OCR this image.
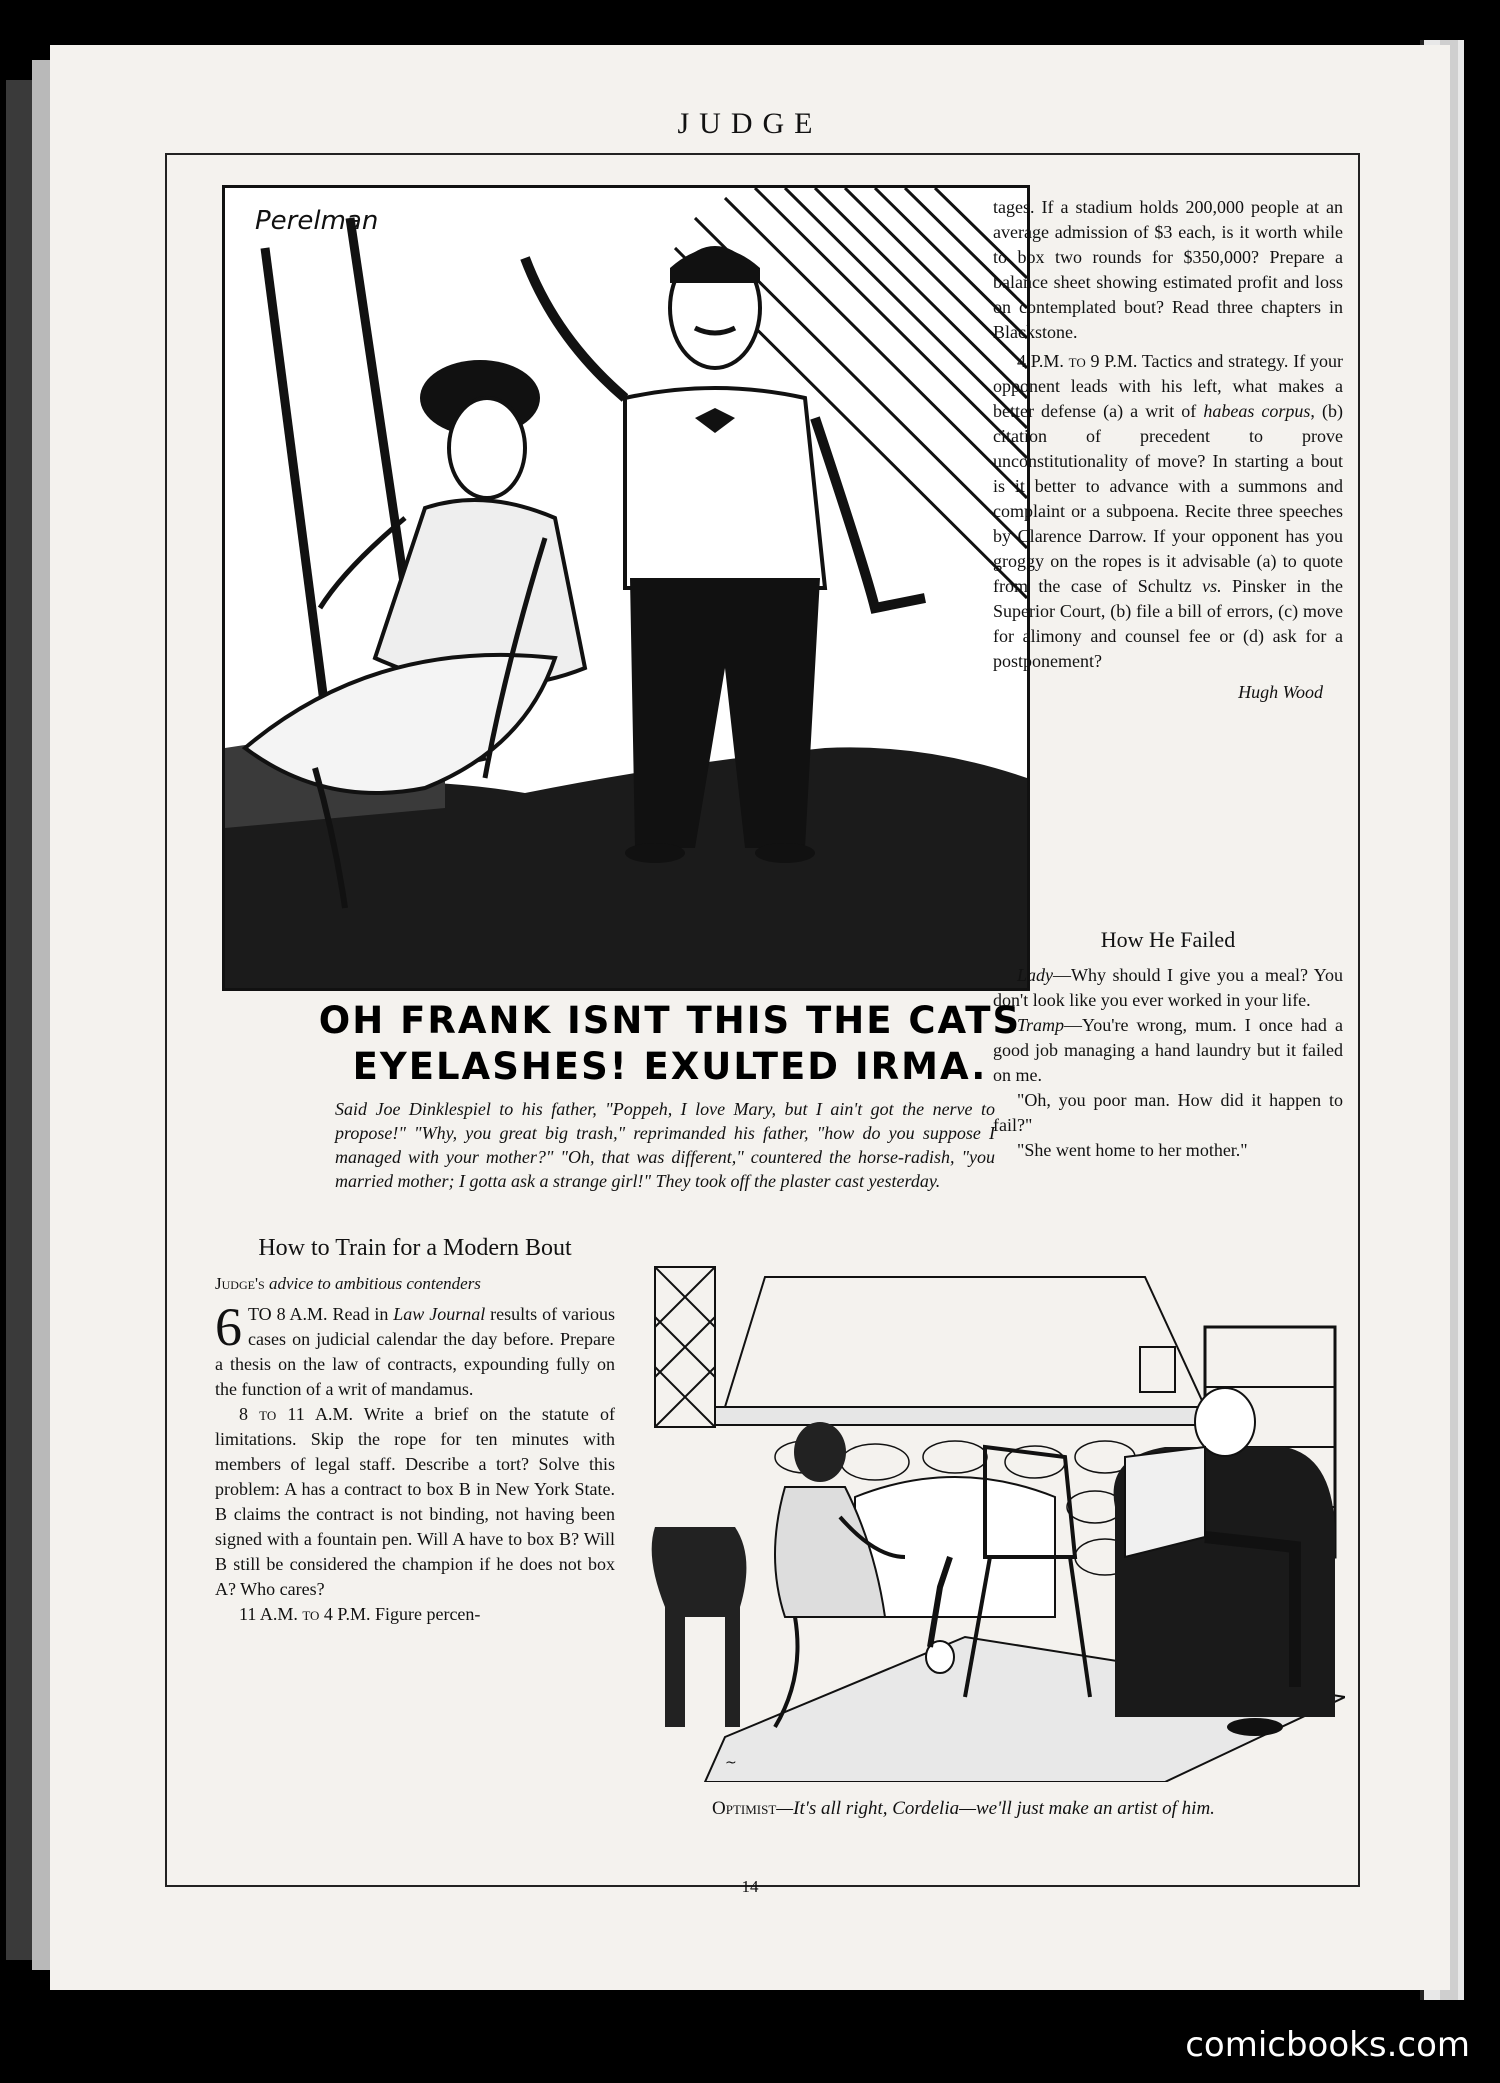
JUDGE
Perelman
OH FRANK ISNT THIS THE CATS
EYELASHES! EXULTED IRMA.
Said Joe Dinklespiel to his father, "Poppeh, I love Mary, but I ain't got the nerve to propose!" "Why, you great big trash," reprimanded his father, "how do you suppose I managed with your mother?" "Oh, that was different," countered the horse-radish, "you married mother; I gotta ask a strange girl!" They took off the plaster cast yesterday.

tages. If a stadium holds 200,000 people at an average admission of $3 each, is it worth while to box two rounds for $350,000? Prepare a balance sheet showing estimated profit and loss on contemplated bout? Read three chapters in Blackstone.

4 P.M. to 9 P.M. Tactics and strategy. If your opponent leads with his left, what makes a better defense (a) a writ of habeas corpus, (b) citation of precedent to prove unconstitutionality of move? In starting a bout is it better to advance with a summons and complaint or a subpoena. Recite three speeches by Clarence Darrow. If your opponent has you groggy on the ropes is it advisable (a) to quote from the case of Schultz vs. Pinsker in the Superior Court, (b) file a bill of errors, (c) move for alimony and counsel fee or (d) ask for a postponement?

Hugh Wood
How He Failed

Lady—Why should I give you a meal? You don't look like you ever worked in your life.

Tramp—You're wrong, mum. I once had a good job managing a hand laundry but it failed on me.

"Oh, you poor man. How did it happen to fail?"

"She went home to her mother."

How to Train for a Modern Bout
Judge's advice to ambitious contenders

6 TO 8 A.M. Read in Law Journal results of various cases on judicial calendar the day before. Prepare a thesis on the law of contracts, expounding fully on the function of a writ of mandamus.

8 to 11 A.M. Write a brief on the statute of limitations. Skip the rope for ten minutes with members of legal staff. Describe a tort? Solve this problem: A has a contract to box B in New York State. B claims the contract is not binding, not having been signed with a fountain pen. Will A have to box B? Will B still be considered the champion if he does not box A? Who cares?

11 A.M. to 4 P.M. Figure percen-

~
Optimist—It's all right, Cordelia—we'll just make an artist of him.
14
comicbooks.com
